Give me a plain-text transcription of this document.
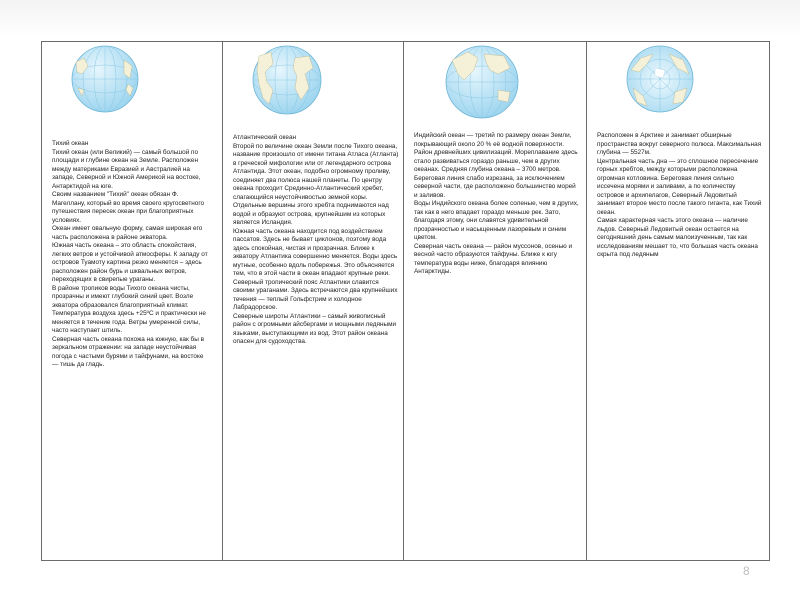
Тихий океан
Тихий океан (или Великий) — самый большой по площади и глубине океан на Земле. Расположен между материками Евразией и Австралией на западе, Северной и Южной Америкой на востоке, Антарктидой на юге.
Своим названием "Тихий" океан обязан Ф. Магеллану, который во время своего кругосветного путешествия пересек океан при благоприятных условиях.
Океан имеет овальную форму, самая широкая его часть расположена в районе экватора.
Южная часть океана – это область спокойствия, легких ветров и устойчивой атмосферы. К западу от островов Туамоту картина резко меняется – здесь расположен район бурь и шквальных ветров, переходящих в свирепые ураганы.
В районе тропиков воды Тихого океана чисты, прозрачны и имеют глубокий синий цвет. Возле экватора образовался благоприятный климат. Температура воздуха здесь +25ºС и практически не меняется в течение года. Ветры умеренной силы, часто наступает штиль.
Северная часть океана похожа на южную, как бы в зеркальном отражении: на западе неустойчивая погода с частыми бурями и тайфунами, на востоке — тишь да гладь.

Атлантический океан
Второй по величине океан Земли после Тихого океана, название произошло от имени титана Атласа (Атланта) в греческой мифологии или от легендарного острова Атлантида. Этот океан, подобно огромному проливу, соединяет два полюса нашей планеты. По центру океана проходит Срединно-Атлантический хребет, слагающийся неустойчивостью земной коры. Отдельные вершины этого хребта поднимаются над водой и образуют острова, крупнейшим из которых является Исландия.
Южная часть океана находится под воздействием пассатов. Здесь не бывает циклонов, поэтому вода здесь спокойная, чистая и прозрачная. Ближе к экватору Атлантика совершенно меняется. Воды здесь мутные, особенно вдоль побережья. Это объясняется тем, что в этой части в океан впадают крупные реки.
Северный тропический пояс Атлантики славится своими ураганами. Здесь встречаются два крупнейших течения — теплый Гольфстрим и холодное Лабрадорское.
Северные широты Атлантики – самый живописный район с огромными айсбергами и мощными ледяными языками, выступающими из вод. Этот район океана опасен для судоходства.

Индийский океан — третий по размеру океан Земли, покрывающий около 20 % её водной поверхности. Район древнейших цивилизаций. Мореплавание здесь стало развиваться гораздо раньше, чем в других океанах. Средняя глубина океана – 3700 метров. Береговая линия слабо изрезана, за исключением северной части, где расположено большинство морей и заливов.
Воды Индийского океана более соленые, чем в других, так как в него впадает гораздо меньше рек. Зато, благодаря этому, они славятся удивительной прозрачностью и насыщенным лазоревым и синим цветом.
Северная часть океана — район муссонов, осенью и весной часто образуются тайфуны. Ближе к югу температура воды ниже, благодаря влиянию Антарктиды.

Расположен в Арктике и занимает обширные пространства вокруг северного полюса. Максимальная глубина — 5527м.
Центральная часть дна — это сплошное пересечение горных хребтов, между которыми расположена огромная котловина. Береговая линия сильно иссечена морями и заливами, а по количеству островов и архипелагов, Северный Ледовитый занимает второе место после такого гиганта, как Тихий океан.
Самая характерная часть этого океана — наличие льдов. Северный Ледовитый океан остается на сегодняшний день самым малоизученным, так как исследованиям мешает то, что большая часть океана скрыта под ледяным
8
